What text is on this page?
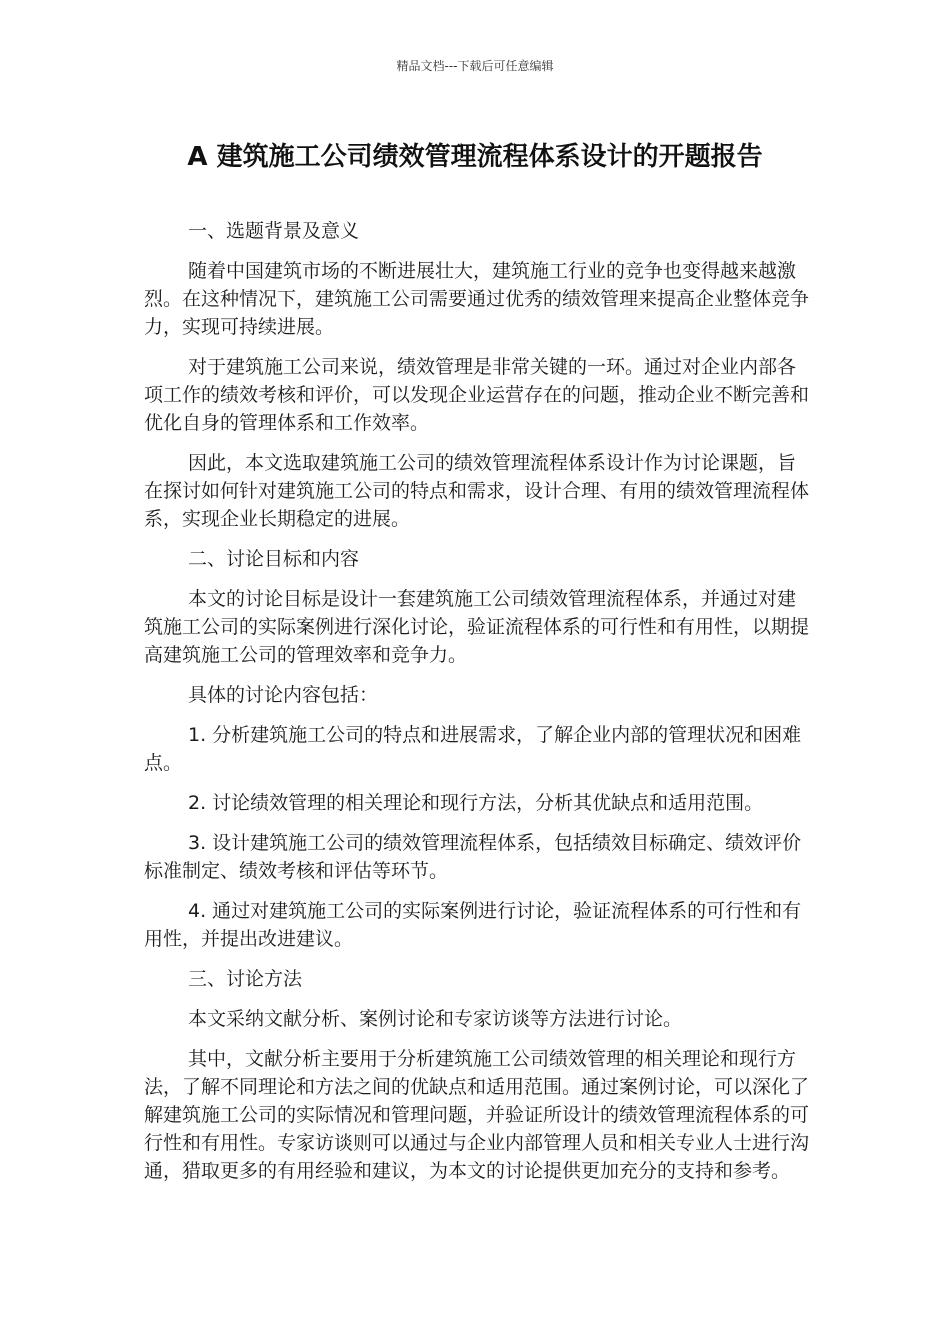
精品文档---下载后可任意编辑
A 建筑施工公司绩效管理流程体系设计的开题报告

一、选题背景及意义

随着中国建筑市场的不断进展壮大，建筑施工行业的竞争也变得越来越激烈。在这种情况下，建筑施工公司需要通过优秀的绩效管理来提高企业整体竞争力，实现可持续进展。

对于建筑施工公司来说，绩效管理是非常关键的一环。通过对企业内部各项工作的绩效考核和评价，可以发现企业运营存在的问题，推动企业不断完善和优化自身的管理体系和工作效率。

因此，本文选取建筑施工公司的绩效管理流程体系设计作为讨论课题，旨在探讨如何针对建筑施工公司的特点和需求，设计合理、有用的绩效管理流程体系，实现企业长期稳定的进展。

二、讨论目标和内容

本文的讨论目标是设计一套建筑施工公司绩效管理流程体系，并通过对建筑施工公司的实际案例进行深化讨论，验证流程体系的可行性和有用性，以期提高建筑施工公司的管理效率和竞争力。

具体的讨论内容包括：

1. 分析建筑施工公司的特点和进展需求，了解企业内部的管理状况和困难点。

2. 讨论绩效管理的相关理论和现行方法，分析其优缺点和适用范围。

3. 设计建筑施工公司的绩效管理流程体系，包括绩效目标确定、绩效评价标准制定、绩效考核和评估等环节。

4. 通过对建筑施工公司的实际案例进行讨论，验证流程体系的可行性和有用性，并提出改进建议。

三、讨论方法

本文采纳文献分析、案例讨论和专家访谈等方法进行讨论。

其中，文献分析主要用于分析建筑施工公司绩效管理的相关理论和现行方法，了解不同理论和方法之间的优缺点和适用范围。通过案例讨论，可以深化了解建筑施工公司的实际情况和管理问题，并验证所设计的绩效管理流程体系的可行性和有用性。专家访谈则可以通过与企业内部管理人员和相关专业人士进行沟通，猎取更多的有用经验和建议，为本文的讨论提供更加充分的支持和参考。
